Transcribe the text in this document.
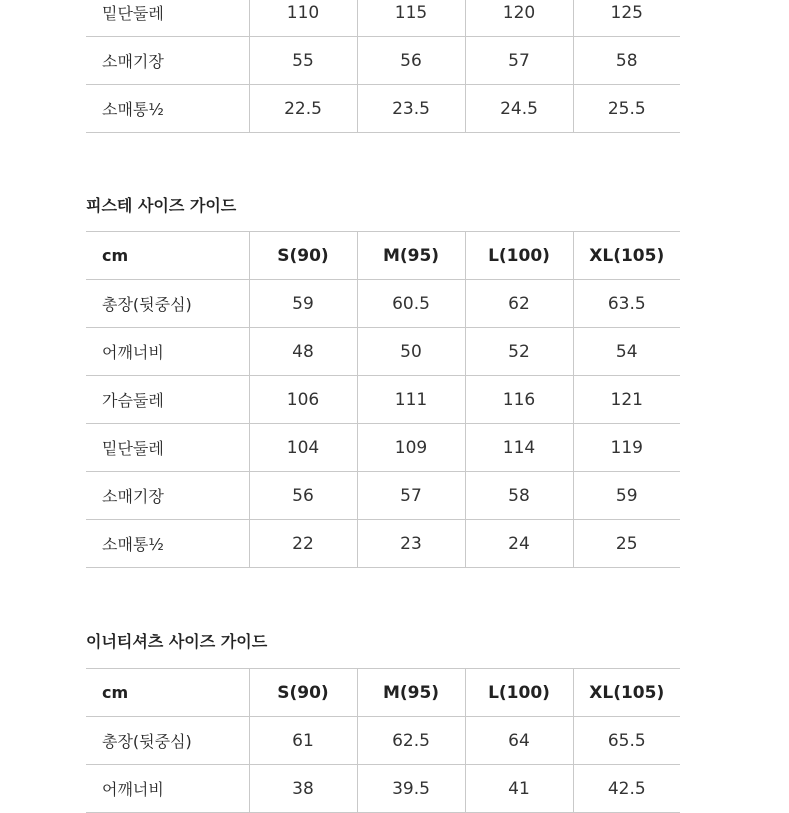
밑단둘레	110	115	120	125
소매기장	55	56	57	58
소매통½	22.5	23.5	24.5	25.5
피스테 사이즈 가이드
cm	S(90)	M(95)	L(100)	XL(105)
총장(뒷중심)	59	60.5	62	63.5
어깨너비	48	50	52	54
가슴둘레	106	111	116	121
밑단둘레	104	109	114	119
소매기장	56	57	58	59
소매통½	22	23	24	25
이너티셔츠 사이즈 가이드
cm	S(90)	M(95)	L(100)	XL(105)
총장(뒷중심)	61	62.5	64	65.5
어깨너비	38	39.5	41	42.5
